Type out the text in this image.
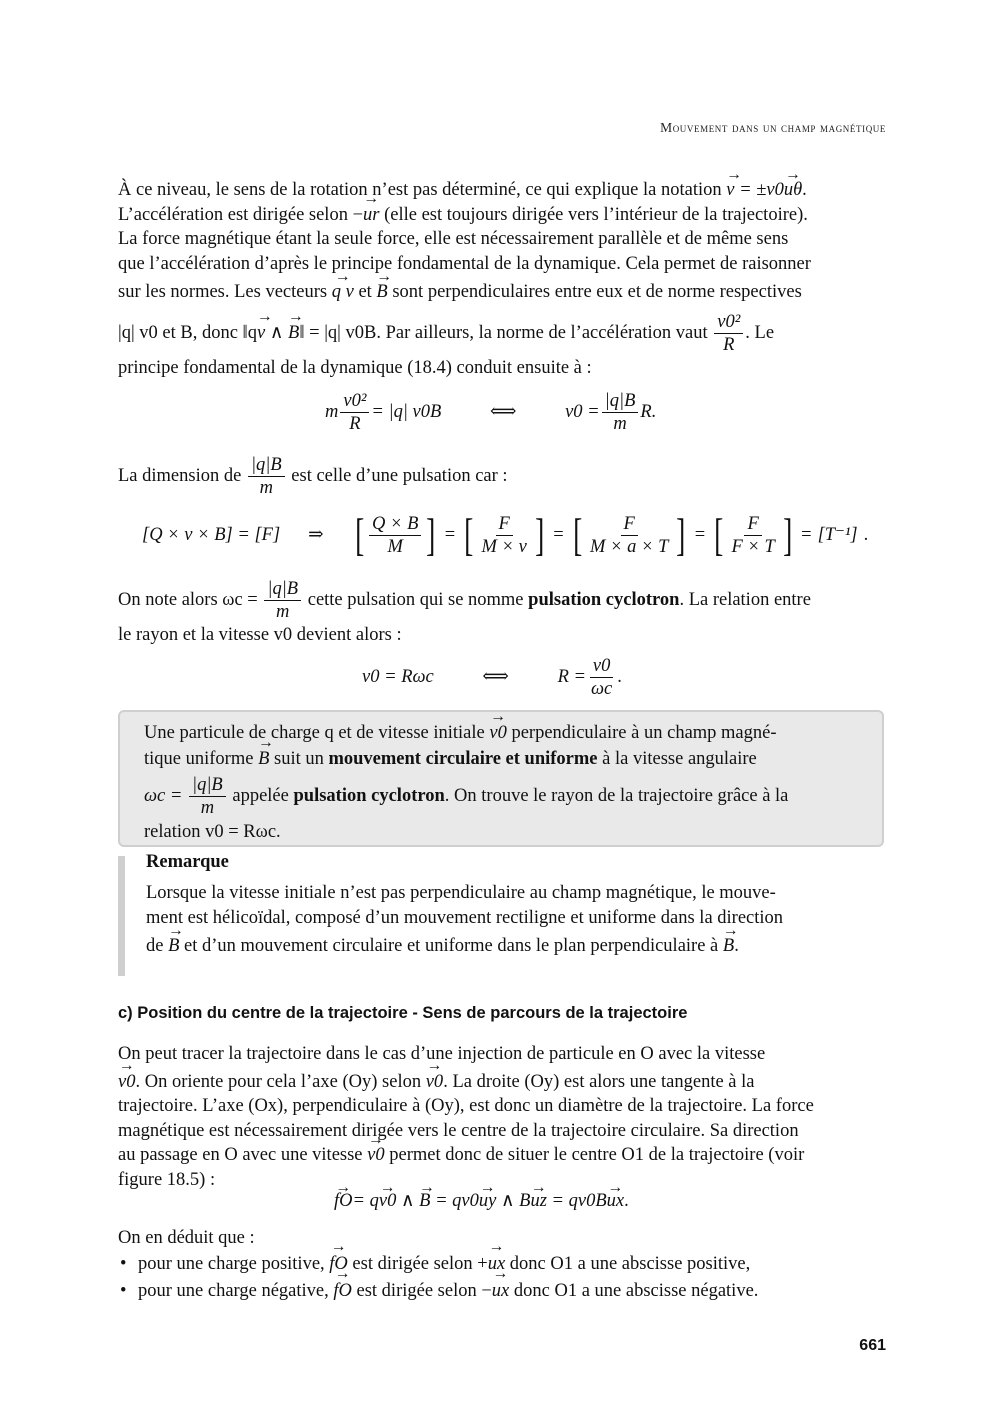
Mouvement dans un champ magnétique

À ce niveau, le sens de la rotation n’est pas déterminé, ce qui explique la notation → v = ±v0→ uθ.

L’accélération est dirigée selon −→ ur (elle est toujours dirigée vers l’intérieur de la trajectoire).

La force magnétique étant la seule force, elle est nécessairement parallèle et de même sens

que l’accélération d’après le principe fondamental de la dynamique. Cela permet de raisonner

sur les normes. Les vecteurs → q v et → B sont perpendiculaires entre eux et de norme respectives

|q| v0 et B, donc ‖q→ v ∧ → B‖ = |q| v0B. Par ailleurs, la norme de l’accélération vaut $\frac{\text{v0²}}{R}$ . Le

principe fondamental de la dynamique (18.4) conduit ensuite à :

m $\frac{\text{v0²}}{R} = |q|$ v0B	⟺	$v0 = \frac{|q|B}{m} R$.
La dimension de $\frac{|q|B}{m}$ est celle d’une pulsation car :
[Q × v × B] = [F] ⇒ [ $\frac{Q \times B}{M}$ ] = [ $\frac{F}{M \times v}$ ] = [ $\frac{F}{M \times a \times T}$ ] = [ $\frac{F}{F \times T}$ ] = [T⁻¹] .

On note alors $\omega c = \frac{|q|B}{m}$ cette pulsation qui se nomme pulsation cyclotron. La relation entre

le rayon et la vitesse v0 devient alors :

v0 = Rωc	⟺	$R = \frac{v0}{\omega c}$ .
Une particule de charge q et de vitesse initiale → v0 perpendiculaire à un champ magné-
tique uniforme → B suit un mouvement circulaire et uniforme à la vitesse angulaire
$\omega c = \frac{|q|B}{m}$ appelée pulsation cyclotron. On trouve le rayon de la trajectoire grâce à la
relation v0 = Rωc.
Remarque

Lorsque la vitesse initiale n’est pas perpendiculaire au champ magnétique, le mouve-

ment est hélicoïdal, composé d’un mouvement rectiligne et uniforme dans la direction

de → B et d’un mouvement circulaire et uniforme dans le plan perpendiculaire à → B.

c) Position du centre de la trajectoire - Sens de parcours de la trajectoire

On peut tracer la trajectoire dans le cas d’une injection de particule en O avec la vitesse

→ v0. On oriente pour cela l’axe (Oy) selon → v0. La droite (Oy) est alors une tangente à la

trajectoire. L’axe (Ox), perpendiculaire à (Oy), est donc un diamètre de la trajectoire. La force

magnétique est nécessairement dirigée vers le centre de la trajectoire circulaire. Sa direction

au passage en O avec une vitesse → v0 permet donc de situer le centre O1 de la trajectoire (voir

figure 18.5) :

→ fO= q→ v0 ∧ → B = qv0→ uy ∧ B→ uz = qv0B→ ux.

On en déduit que :

• pour une charge positive, → fO est dirigée selon +→ ux donc O1 a une abscisse positive,
• pour une charge négative, → fO est dirigée selon −→ ux donc O1 a une abscisse négative.
661
